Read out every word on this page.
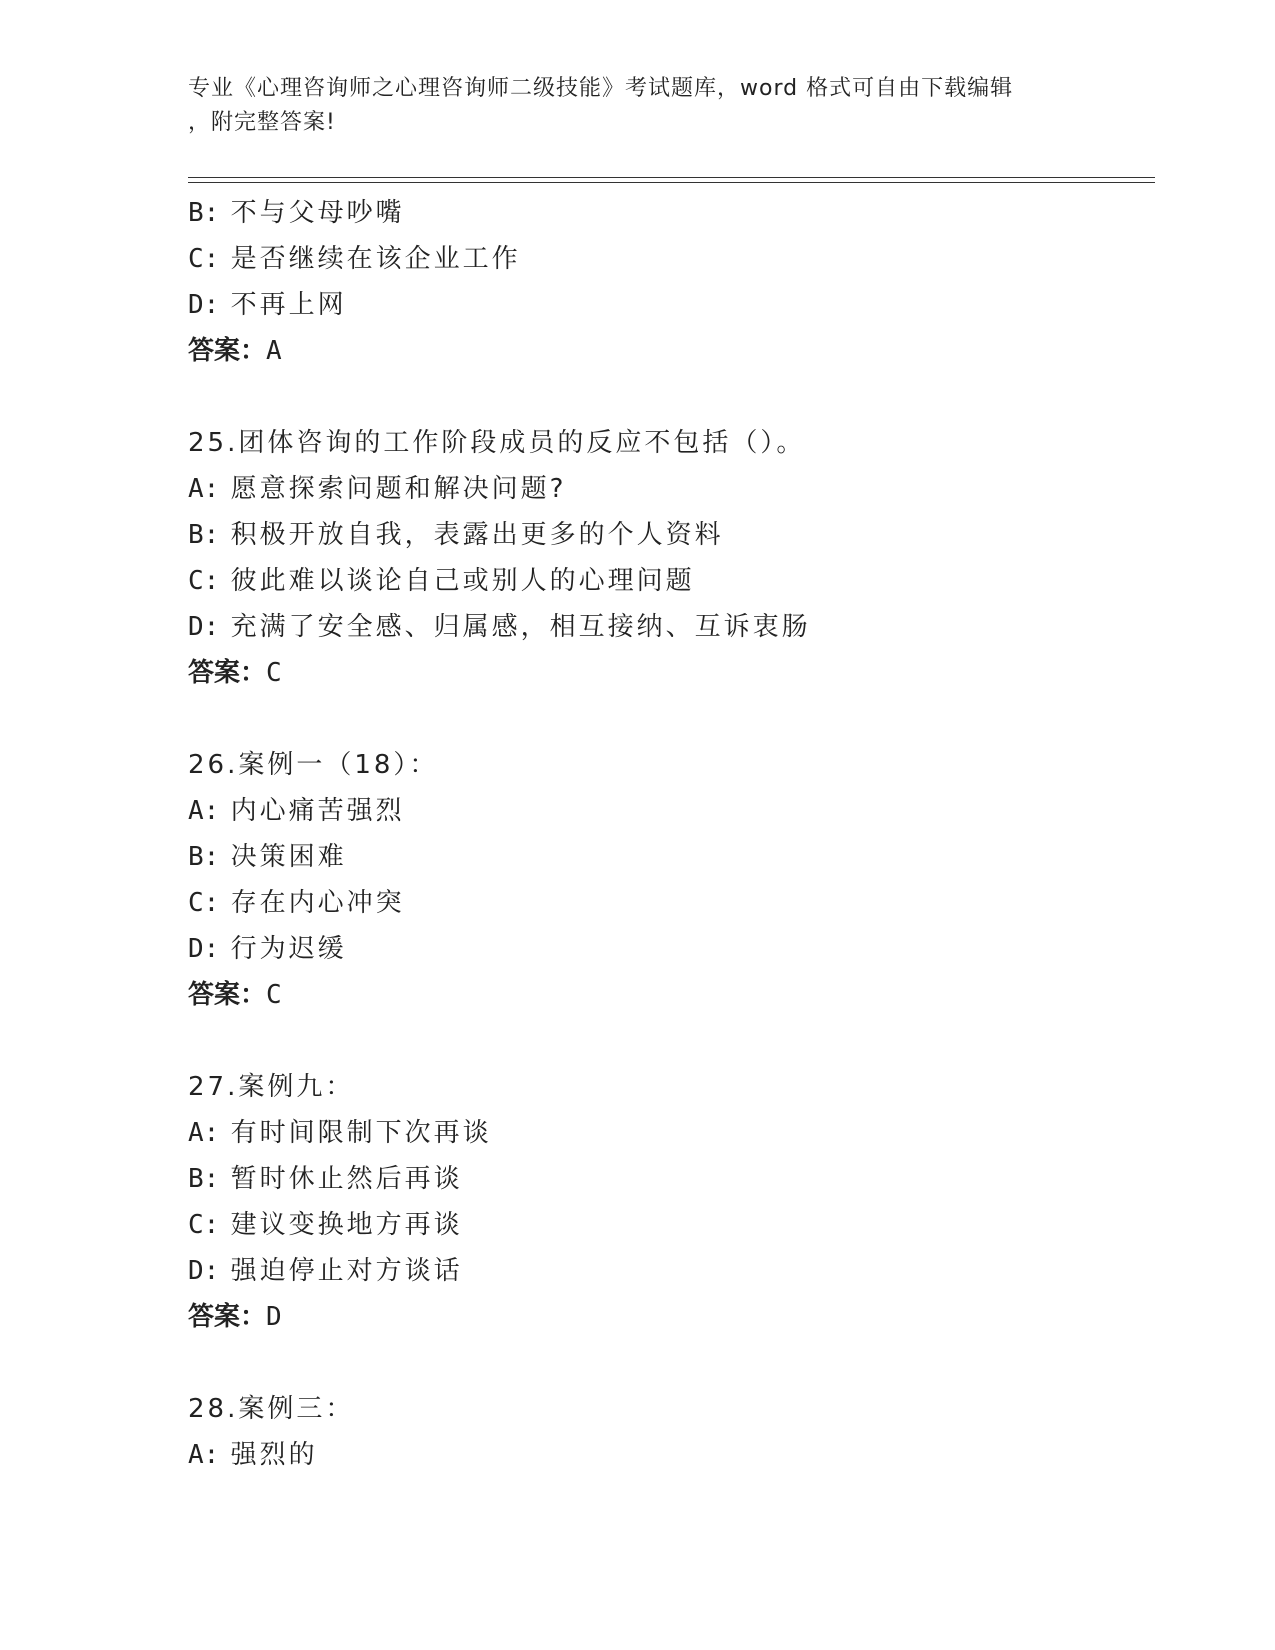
专业《心理咨询师之心理咨询师二级技能》考试题库，word 格式可自由下载编辑
，附完整答案!
B: 不与父母吵嘴
C: 是否继续在该企业工作
D: 不再上网
答案：A
25.团体咨询的工作阶段成员的反应不包括（）。
A: 愿意探索问题和解决问题?
B: 积极开放自我，表露出更多的个人资料
C: 彼此难以谈论自己或别人的心理问题
D: 充满了安全感、归属感，相互接纳、互诉衷肠
答案：C
26.案例一（18）：
A: 内心痛苦强烈
B: 决策困难
C: 存在内心冲突
D: 行为迟缓
答案：C
27.案例九：
A: 有时间限制下次再谈
B: 暂时休止然后再谈
C: 建议变换地方再谈
D: 强迫停止对方谈话
答案：D
28.案例三：
A: 强烈的
